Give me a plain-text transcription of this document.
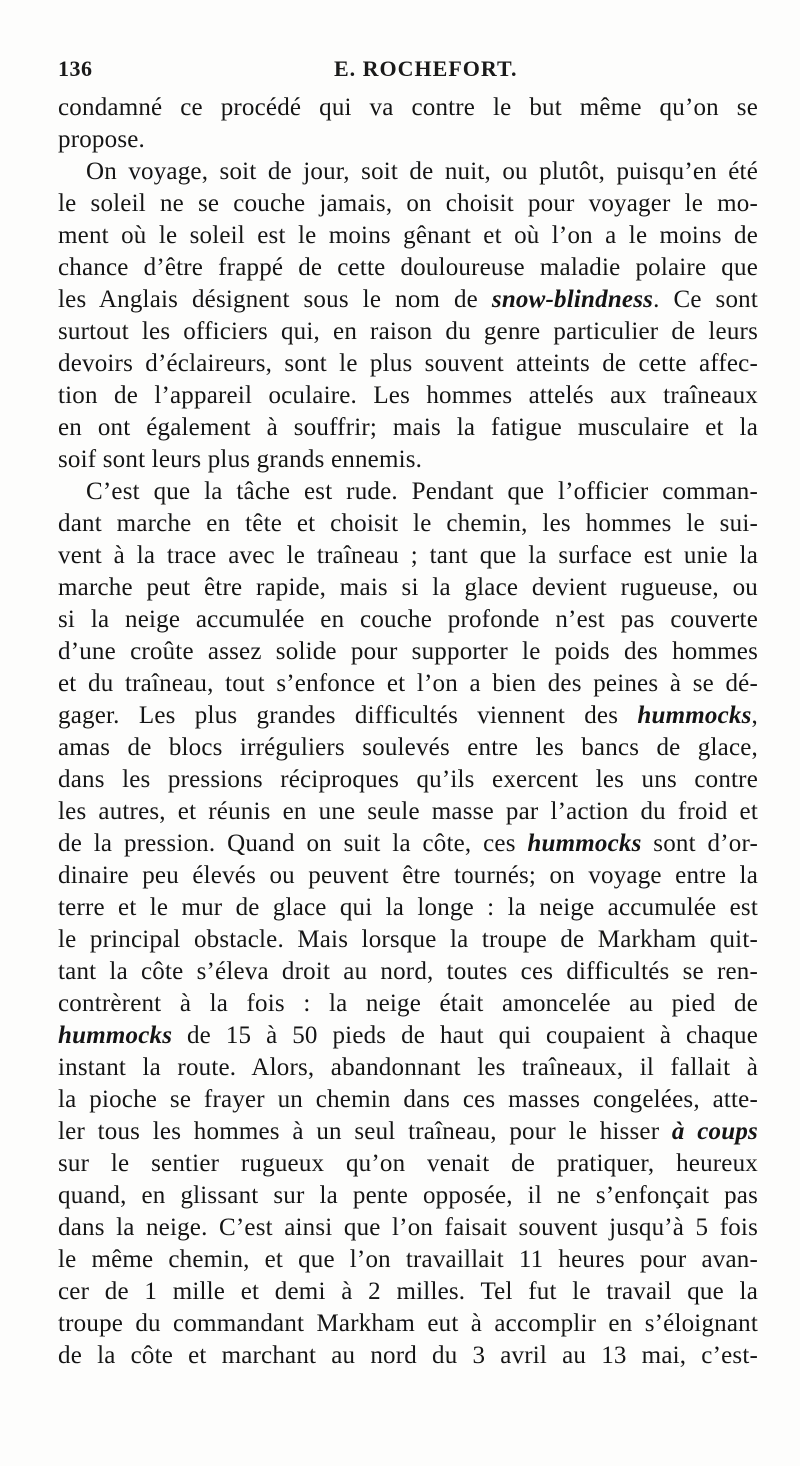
136	E. ROCHEFORT.
condamné ce procédé qui va contre le but même qu’on se
propose.
On voyage, soit de jour, soit de nuit, ou plutôt, puisqu’en été
le soleil ne se couche jamais, on choisit pour voyager le mo-
ment où le soleil est le moins gênant et où l’on a le moins de
chance d’être frappé de cette douloureuse maladie polaire que
les Anglais désignent sous le nom de snow-blindness. Ce sont
surtout les officiers qui, en raison du genre particulier de leurs
devoirs d’éclaireurs, sont le plus souvent atteints de cette affec-
tion de l’appareil oculaire. Les hommes attelés aux traîneaux
en ont également à souffrir; mais la fatigue musculaire et la
soif sont leurs plus grands ennemis.
C’est que la tâche est rude. Pendant que l’officier comman-
dant marche en tête et choisit le chemin, les hommes le sui-
vent à la trace avec le traîneau ; tant que la surface est unie la
marche peut être rapide, mais si la glace devient rugueuse, ou
si la neige accumulée en couche profonde n’est pas couverte
d’une croûte assez solide pour supporter le poids des hommes
et du traîneau, tout s’enfonce et l’on a bien des peines à se dé-
gager. Les plus grandes difficultés viennent des hummocks,
amas de blocs irréguliers soulevés entre les bancs de glace,
dans les pressions réciproques qu’ils exercent les uns contre
les autres, et réunis en une seule masse par l’action du froid et
de la pression. Quand on suit la côte, ces hummocks sont d’or-
dinaire peu élevés ou peuvent être tournés; on voyage entre la
terre et le mur de glace qui la longe : la neige accumulée est
le principal obstacle. Mais lorsque la troupe de Markham quit-
tant la côte s’éleva droit au nord, toutes ces difficultés se ren-
contrèrent à la fois : la neige était amoncelée au pied de
hummocks de 15 à 50 pieds de haut qui coupaient à chaque
instant la route. Alors, abandonnant les traîneaux, il fallait à
la pioche se frayer un chemin dans ces masses congelées, atte-
ler tous les hommes à un seul traîneau, pour le hisser à coups
sur le sentier rugueux qu’on venait de pratiquer, heureux
quand, en glissant sur la pente opposée, il ne s’enfonçait pas
dans la neige. C’est ainsi que l’on faisait souvent jusqu’à 5 fois
le même chemin, et que l’on travaillait 11 heures pour avan-
cer de 1 mille et demi à 2 milles. Tel fut le travail que la
troupe du commandant Markham eut à accomplir en s’éloignant
de la côte et marchant au nord du 3 avril au 13 mai, c’est-
